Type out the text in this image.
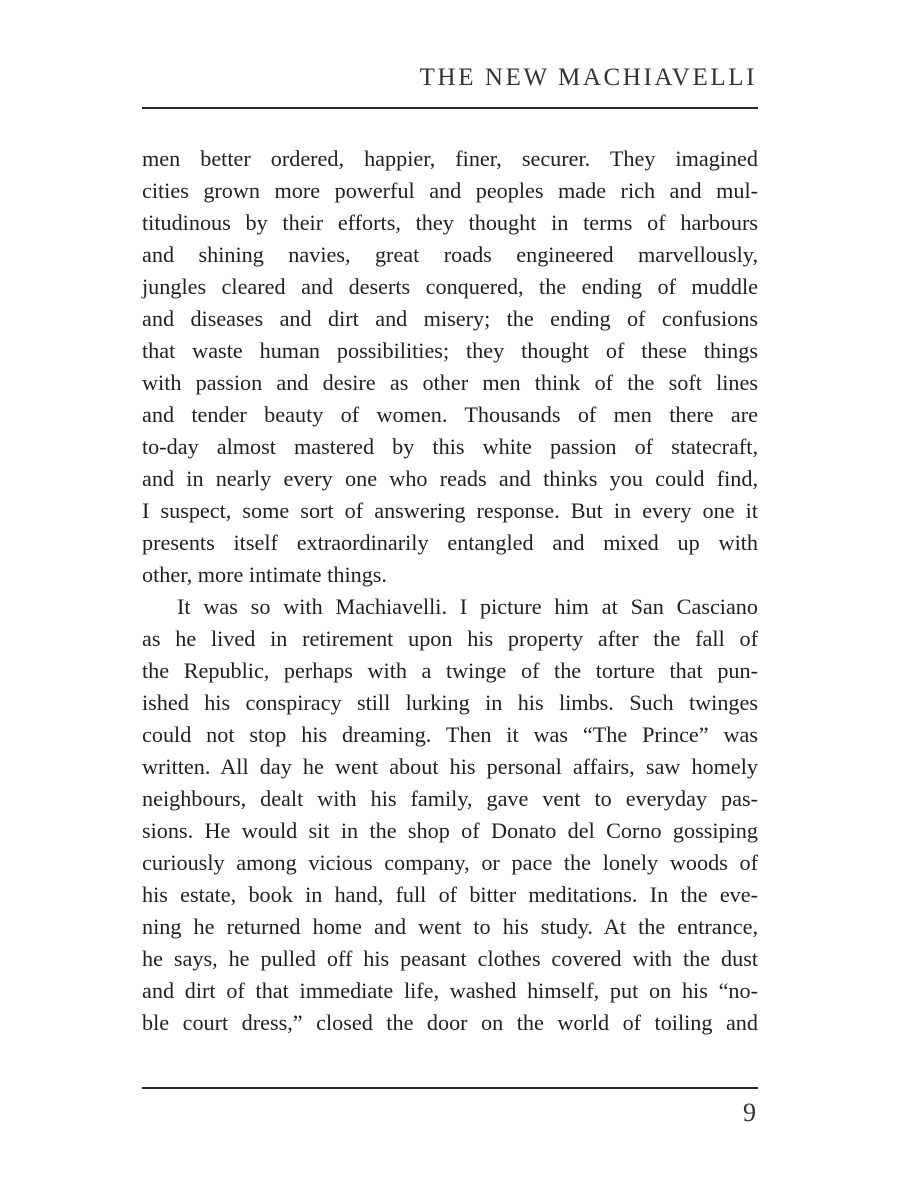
THE NEW MACHIAVELLI
men better ordered, happier, finer, securer. They imagined
cities grown more powerful and peoples made rich and mul-
titudinous by their efforts, they thought in terms of harbours
and shining navies, great roads engineered marvellously,
jungles cleared and deserts conquered, the ending of muddle
and diseases and dirt and misery; the ending of confusions
that waste human possibilities; they thought of these things
with passion and desire as other men think of the soft lines
and tender beauty of women. Thousands of men there are
to-day almost mastered by this white passion of statecraft,
and in nearly every one who reads and thinks you could find,
I suspect, some sort of answering response. But in every one it
presents itself extraordinarily entangled and mixed up with
other, more intimate things.
It was so with Machiavelli. I picture him at San Casciano
as he lived in retirement upon his property after the fall of
the Republic, perhaps with a twinge of the torture that pun-
ished his conspiracy still lurking in his limbs. Such twinges
could not stop his dreaming. Then it was “The Prince” was
written. All day he went about his personal affairs, saw homely
neighbours, dealt with his family, gave vent to everyday pas-
sions. He would sit in the shop of Donato del Corno gossiping
curiously among vicious company, or pace the lonely woods of
his estate, book in hand, full of bitter meditations. In the eve-
ning he returned home and went to his study. At the entrance,
he says, he pulled off his peasant clothes covered with the dust
and dirt of that immediate life, washed himself, put on his “no-
ble court dress,” closed the door on the world of toiling and
9
